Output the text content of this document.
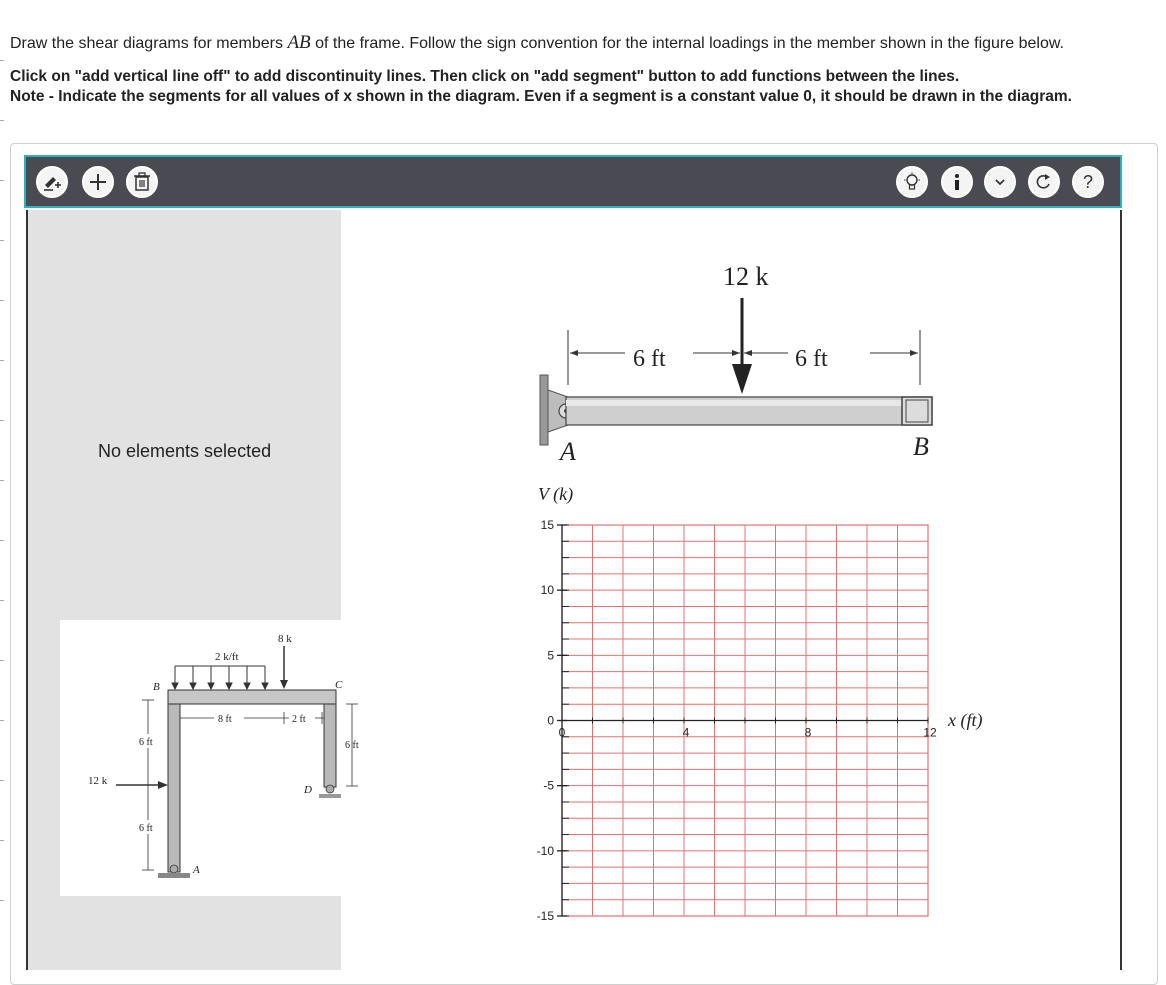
Draw the shear diagrams for members AB of the frame. Follow the sign convention for the internal loadings in the member shown in the figure below.
Click on "add vertical line off" to add discontinuity lines. Then click on "add segment" button to add functions between the lines.
Note - Indicate the segments for all values of x shown in the diagram. Even if a segment is a constant value 0, it should be drawn in the diagram.
?
No elements selected
8 k
2 k/ft
B	C
8 ft	2 ft
6 ft
6 ft
12 k
6 ft
D
A
12 k
6 ft	6 ft
A	B
V (k)
15
10
5
0
-5
-10
-15
0	4	8	12
x (ft)
